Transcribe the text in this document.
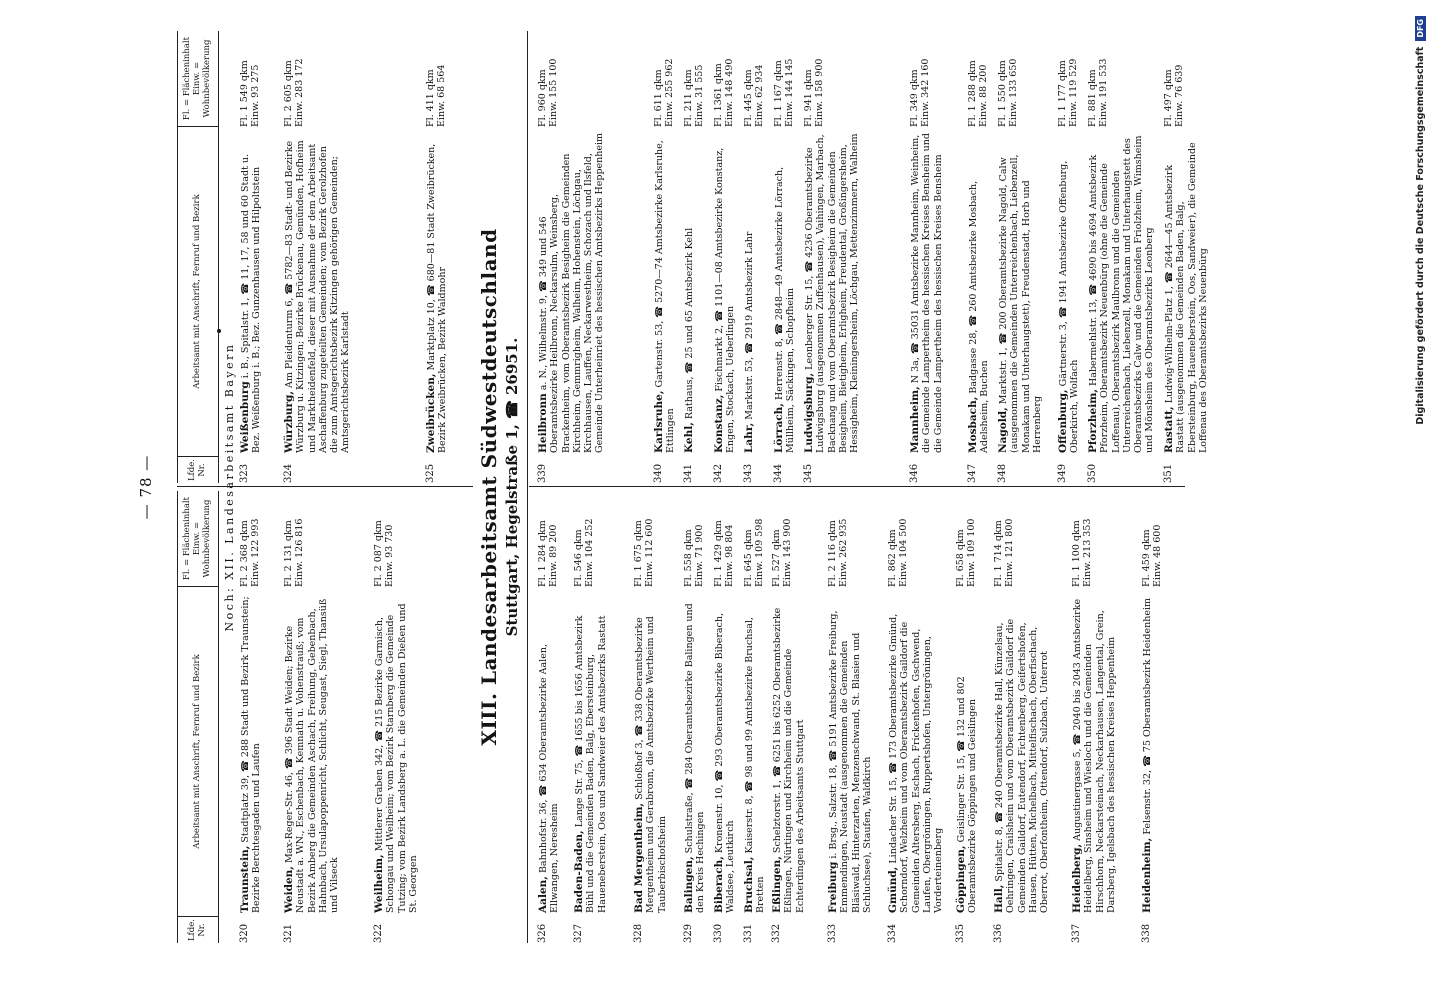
— 78 —
Lfde. Nr.
Arbeitsamt mit Anschrift, Fernruf und Bezirk
Fl. = Flächeninhalt Einw. = Wohnbevölkerung
Lfde. Nr.
Arbeitsamt mit Anschrift, Fernruf und Bezirk
Fl. = Flächeninhalt Einw. = Wohnbevölkerung
Noch: XII. Landesarbeitsamt Bayern
320
Traunstein, Stadtplatz 39, ☎ 288 Stadt und Bezirk Traunstein; Bezirke Berchtesgaden und Laufen
Fl. 2 368 qkm Einw. 122 993
321
Weiden, Max-Reger-Str. 46, ☎ 396 Stadt Weiden; Bezirke Neustadt a. WN., Eschenbach, Kemnath u. Vohenstrauß; vom Bezirk Amberg die Gemeinden Aschach, Freihung, Gebenbach, Hahnbach, Ursulapoppenricht, Schlicht, Seugast, Siegl, Thansüß und Vilseck
Fl. 2 131 qkm Einw. 126 816
322
Weilheim, Mittlerer Graben 342, ☎ 215 Bezirke Garmisch, Schongau und Weilheim; vom Bezirk Starnberg die Gemeinde Tutzing; vom Bezirk Landsberg a. L. die Gemeinden Dießen und St. Georgen
Fl. 2 087 qkm Einw. 93 730
323
Weißenburg i. B., Spitalstr. 1, ☎ 11, 17, 58 und 60 Stadt u. Bez. Weißenburg i. B.; Bez. Gunzenhausen und Hilpoltstein
Fl. 1 549 qkm Einw. 93 275
324
Würzburg, Am Pleidenturm 6, ☎ 5782—83 Stadt- und Bezirke Würzburg u. Kitzingen; Bezirke Brückenau, Gemünden, Hofheim und Marktheidenfeld, dieser mit Ausnahme der dem Arbeitsamt Aschaffenburg zugeteilten Gemeinden; vom Bezirk Gerolzhofen die zum Amtsgerichtsbezirk Kitzingen gehörigen Gemeinden; Amtsgerichtsbezirk Karlstadt
Fl. 2 605 qkm Einw. 283 172
325
Zweibrücken, Marktplatz 10, ☎ 680—81 Stadt Zweibrücken, Bezirk Zweibrücken, Bezirk Waldmohr
Fl. 411 qkm Einw. 68 564
XIII. Landesarbeitsamt Südwestdeutschland Stuttgart, Hegelstraße 1, ☎ 26951.
326
Aalen, Bahnhofstr. 36, ☎ 634 Oberamtsbezirke Aalen, Ellwangen, Neresheim
Fl. 1 284 qkm Einw. 89 200
327
Baden-Baden, Lange Str. 75, ☎ 1655 bis 1656 Amtsbezirk Bühl und die Gemeinden Baden, Balg, Ebersteinburg, Haueneberstein, Oos und Sandweier des Amtsbezirks Rastatt
Fl. 546 qkm Einw. 104 252
328
Bad Mergentheim, Schloßhof 3, ☎ 338 Oberamtsbezirke Mergentheim und Gerabronn, die Amtsbezirke Wertheim und Tauberbischofsheim
Fl. 1 675 qkm Einw. 112 600
329
Balingen, Schulstraße, ☎ 284 Oberamtsbezirke Balingen und den Kreis Hechingen
Fl. 558 qkm Einw. 71 900
330
Biberach, Kronenstr. 10, ☎ 293 Oberamtsbezirke Biberach, Waldsee, Leutkirch
Fl. 1 429 qkm Einw. 98 804
331
Bruchsal, Kaiserstr. 8, ☎ 98 und 99 Amtsbezirke Bruchsal, Bretten
Fl. 645 qkm Einw. 109 598
332
Eßlingen, Schelztorstr. 1, ☎ 6251 bis 6252 Oberamtsbezirke Eßlingen, Nürtingen und Kirchheim und die Gemeinde Echterdingen des Arbeitsamts Stuttgart
Fl. 527 qkm Einw. 143 900
333
Freiburg i. Brsg., Salzstr. 18, ☎ 5191 Amtsbezirke Freiburg, Emmendingen, Neustadt (ausgenommen die Gemeinden Bläsiwald, Hinterzarten, Menzenschwand, St. Blasien und Schluchsee), Staufen, Waldkirch
Fl. 2 116 qkm Einw. 262 935
334
Gmünd, Lindacher Str. 15, ☎ 173 Oberamtsbezirke Gmünd, Schorndorf, Welzheim und vom Oberamtsbezirk Gaildorf die Gemeinden Altersberg, Eschach, Frickenhofen, Gschwend, Laufen, Obergröningen, Ruppertshofen, Untergröningen, Vorderteinenberg
Fl. 862 qkm Einw. 104 500
335
Göppingen, Geislinger Str. 15, ☎ 132 und 802 Oberamtsbezirke Göppingen und Geislingen
Fl. 658 qkm Einw. 109 100
336
Hall, Spitalstr. 8, ☎ 240 Oberamtsbezirke Hall, Künzelsau, Oehringen, Crailsheim und vom Oberamtsbezirk Gaildorf die Gemeinden Gaildorf, Eutendorf, Fichtenberg, Geifertshofen, Hausen, Hütten, Michelbach, Mittelfischach, Oberfischach, Oberrot, Oberfontheim, Ottendorf, Sulzbach, Unterrot
Fl. 1 714 qkm Einw. 121 800
337
Heidelberg, Augustinergasse 5, ☎ 2040 bis 2043 Amtsbezirke Heidelberg, Sinsheim und Wiesloch und die Gemeinden Hirschhorn, Neckarsteinach, Neckarhausen, Langental, Grein, Darsberg, Igelsbach des hessischen Kreises Heppenheim
Fl. 1 100 qkm Einw. 213 353
338
Heidenheim, Felsenstr. 32, ☎ 75 Oberamtsbezirk Heidenheim
Fl. 459 qkm Einw. 48 600
339
Heilbronn a. N., Wilhelmstr. 9, ☎ 349 und 546 Oberamtsbezirke Heilbronn, Neckarsulm, Weinsberg, Brackenheim, vom Oberamtsbezirk Besigheim die Gemeinden Kirchheim, Gemmrigheim, Walheim, Hohenstein, Löchgau, Kirchhausen, Lauffen, Neckarwestheim, Schozach und Ilsfeld, Gemeinde Unterheinriet des hessischen Amtsbezirks Heppenheim
Fl. 960 qkm Einw. 155 100
340
Karlsruhe, Gartenstr. 53, ☎ 5270—74 Amtsbezirke Karlsruhe, Ettlingen
Fl. 611 qkm Einw. 255 962
341
Kehl, Rathaus, ☎ 25 und 65 Amtsbezirk Kehl
Fl. 211 qkm Einw. 31 555
342
Konstanz, Fischmarkt 2, ☎ 1101—08 Amtsbezirke Konstanz, Engen, Stockach, Ueberlingen
Fl. 1361 qkm Einw. 148 490
343
Lahr, Marktstr. 53, ☎ 2919 Amtsbezirk Lahr
Fl. 445 qkm Einw. 62 934
344
Lörrach, Herrenstr. 8, ☎ 2848—49 Amtsbezirke Lörrach, Müllheim, Säckingen, Schopfheim
Fl. 1 167 qkm Einw. 144 145
345
Ludwigsburg, Leonberger Str. 15, ☎ 4236 Oberamtsbezirke Ludwigsburg (ausgenommen Zuffenhausen), Vaihingen, Marbach, Backnang und vom Oberamtsbezirk Besigheim die Gemeinden Besigheim, Bietigheim, Erligheim, Freudental, Großingersheim, Hessigheim, Kleiningersheim, Löchgau, Mettenzimmern, Walheim
Fl. 941 qkm Einw. 158 900
346
Mannheim, N 3a, ☎ 35031 Amtsbezirke Mannheim, Weinheim, die Gemeinde Lampertheim des hessischen Kreises Bensheim und die Gemeinde Lampertheim des hessischen Kreises Bensheim
Fl. 349 qkm Einw. 342 160
347
Mosbach, Badgasse 28, ☎ 260 Amtsbezirke Mosbach, Adelsheim, Buchen
Fl. 1 288 qkm Einw. 88 200
348
Nagold, Marktstr. 1, ☎ 200 Oberamtsbezirke Nagold, Calw (ausgenommen die Gemeinden Unterreichenbach, Liebenzell, Monakam und Unterhaugstett), Freudenstadt, Horb und Herrenberg
Fl. 1 550 qkm Einw. 133 650
349
Offenburg, Gärtnerstr. 3, ☎ 1941 Amtsbezirke Offenburg, Oberkirch, Wolfach
Fl. 1 177 qkm Einw. 119 529
350
Pforzheim, Habermehlstr. 13, ☎ 4690 bis 4694 Amtsbezirk Pforzheim, Oberamtsbezirk Neuenbürg (ohne die Gemeinde Loffenau), Oberamtsbezirk Maulbronn und die Gemeinden Unterreichenbach, Liebenzell, Monakam und Unterhaugstett des Oberamtsbezirks Calw und die Gemeinden Friolzheim, Wimsheim und Mönsheim des Oberamtsbezirks Leonberg
Fl. 881 qkm Einw. 191 533
351
Rastatt, Ludwig-Wilhelm-Platz 1, ☎ 2644—45 Amtsbezirk Rastatt (ausgenommen die Gemeinden Baden, Balg, Ebersteinburg, Haueneberstein, Oos, Sandweier), die Gemeinde Loffenau des Oberamtsbezirks Neuenbürg
Fl. 497 qkm Einw. 76 639	Digitalisierung gefördert durch die Deutsche Forschungsgemeinschaft
DFG
